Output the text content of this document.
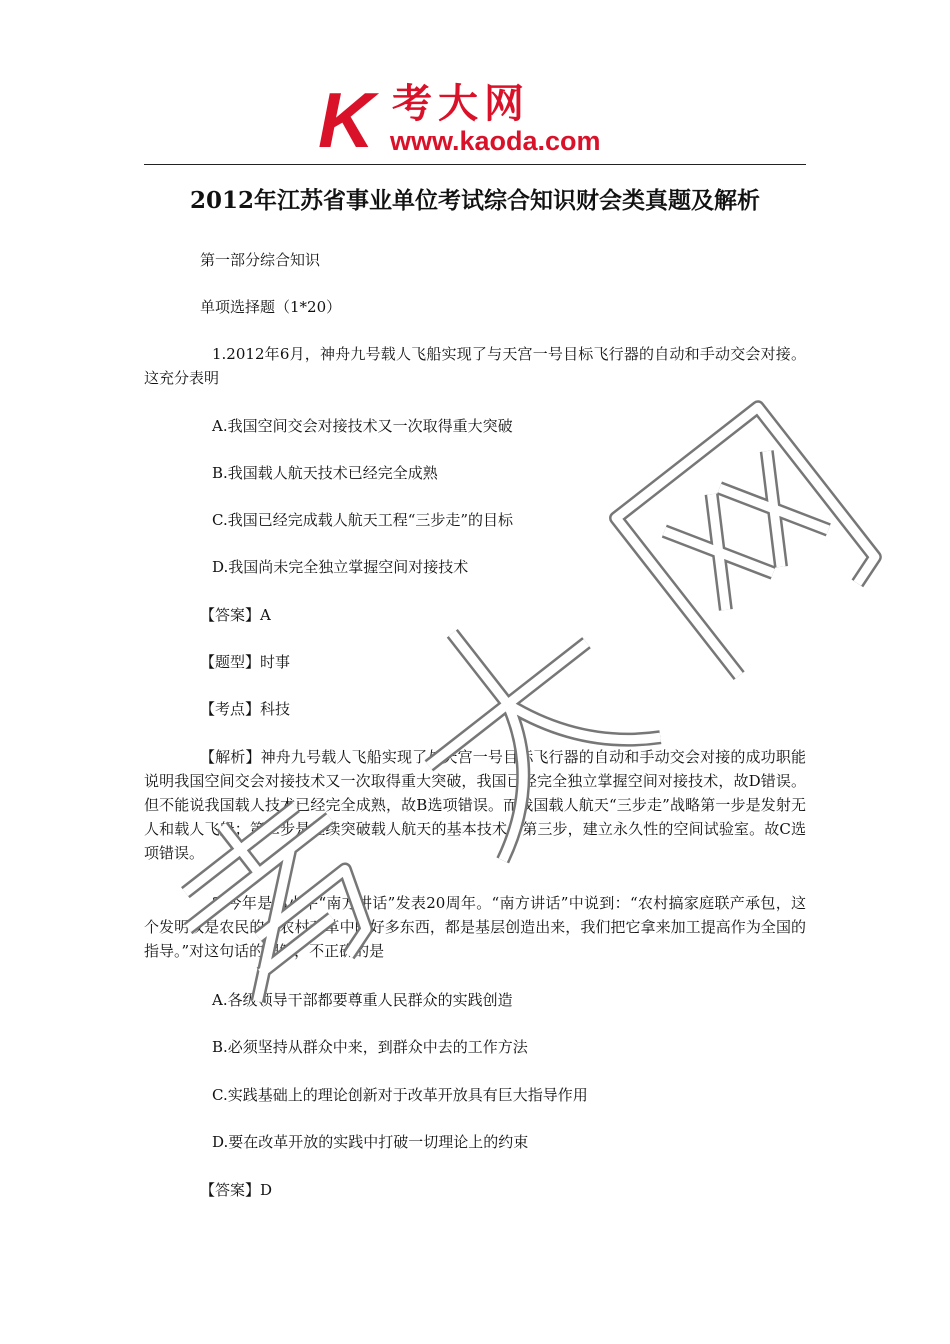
K 考大网
www.kaoda.com
2012年江苏省事业单位考试综合知识财会类真题及解析

第一部分综合知识

单项选择题（1*20）

1.2012年6月，神舟九号载人飞船实现了与天宫一号目标飞行器的自动和手动交会对接。这充分表明

A.我国空间交会对接技术又一次取得重大突破

B.我国载人航天技术已经完全成熟

C.我国已经完成载人航天工程“三步走”的目标

D.我国尚未完全独立掌握空间对接技术

【答案】A

【题型】时事

【考点】科技

【解析】神舟九号载人飞船实现了与天宫一号目标飞行器的自动和手动交会对接的成功职能说明我国空间交会对接技术又一次取得重大突破，我国已经完全独立掌握空间对接技术，故D错误。但不能说我国载人技术已经完全成熟，故B选项错误。而我国载人航天“三步走”战略第一步是发射无人和载人飞船；第二步是继续突破载人航天的基本技术；第三步，建立永久性的空间试验室。故C选项错误。

2.今年是邓小平“南方讲话”发表20周年。“南方讲话”中说到：“农村搞家庭联产承包，这个发明权是农民的。农村改革中的好多东西，都是基层创造出来，我们把它拿来加工提高作为全国的指导。”对这句话的理解，不正确的是

A.各级领导干部都要尊重人民群众的实践创造

B.必须坚持从群众中来，到群众中去的工作方法

C.实践基础上的理论创新对于改革开放具有巨大指导作用

D.要在改革开放的实践中打破一切理论上的约束

【答案】D
